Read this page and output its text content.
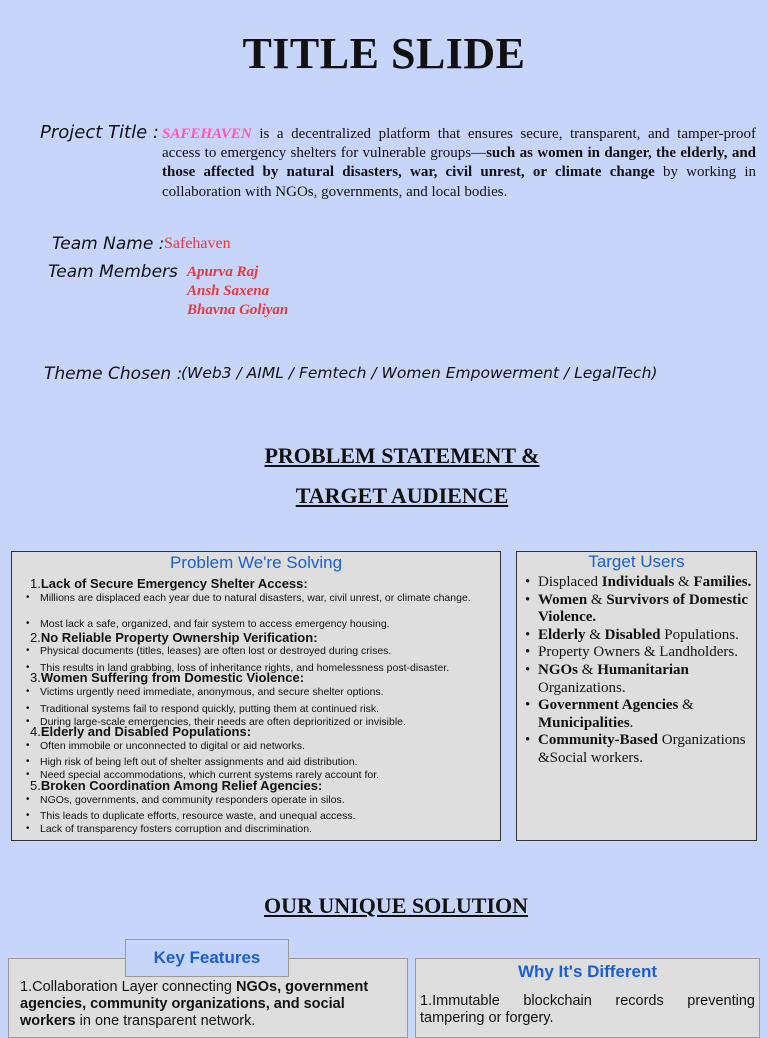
TITLE SLIDE
Project Title : SAFEHAVEN is a decentralized platform that ensures secure, transparent, and tamper-proof access to emergency shelters for vulnerable groups—such as women in danger, the elderly, and those affected by natural disasters, war, civil unrest, or climate change by working in collaboration with NGOs, governments, and local bodies.
Team Name : Safehaven
Team Members Apurva Raj
Ansh Saxena
Bhavna Goliyan
Theme Chosen :
(Web3 / AIML / Femtech / Women Empowerment / LegalTech)
PROBLEM STATEMENT &
TARGET AUDIENCE
Problem We're Solving
1.Lack of Secure Emergency Shelter Access:
• Millions are displaced each year due to natural disasters, war, civil unrest, or climate change.
• Most lack a safe, organized, and fair system to access emergency housing.
2.No Reliable Property Ownership Verification:
• Physical documents (titles, leases) are often lost or destroyed during crises.
• This results in land grabbing, loss of inheritance rights, and homelessness post-disaster.
3.Women Suffering from Domestic Violence:
• Victims urgently need immediate, anonymous, and secure shelter options.
• Traditional systems fail to respond quickly, putting them at continued risk.
• During large-scale emergencies, their needs are often deprioritized or invisible.
4.Elderly and Disabled Populations:
• Often immobile or unconnected to digital or aid networks.
• High risk of being left out of shelter assignments and aid distribution.
• Need special accommodations, which current systems rarely account for.
5.Broken Coordination Among Relief Agencies:
• NGOs, governments, and community responders operate in silos.
• This leads to duplicate efforts, resource waste, and unequal access.
• Lack of transparency fosters corruption and discrimination.
Target Users
• Displaced Individuals & Families.
• Women & Survivors of Domestic Violence.
• Elderly & Disabled Populations.
• Property Owners & Landholders.
• NGOs & Humanitarian Organizations.
• Government Agencies & Municipalities.
• Community-Based Organizations &Social workers.
OUR UNIQUE SOLUTION
1.Collaboration Layer connecting NGOs, government agencies, community organizations, and social workers in one transparent network.
Key Features
Why It's Different
1.Immutable blockchain records preventing tampering or forgery.
